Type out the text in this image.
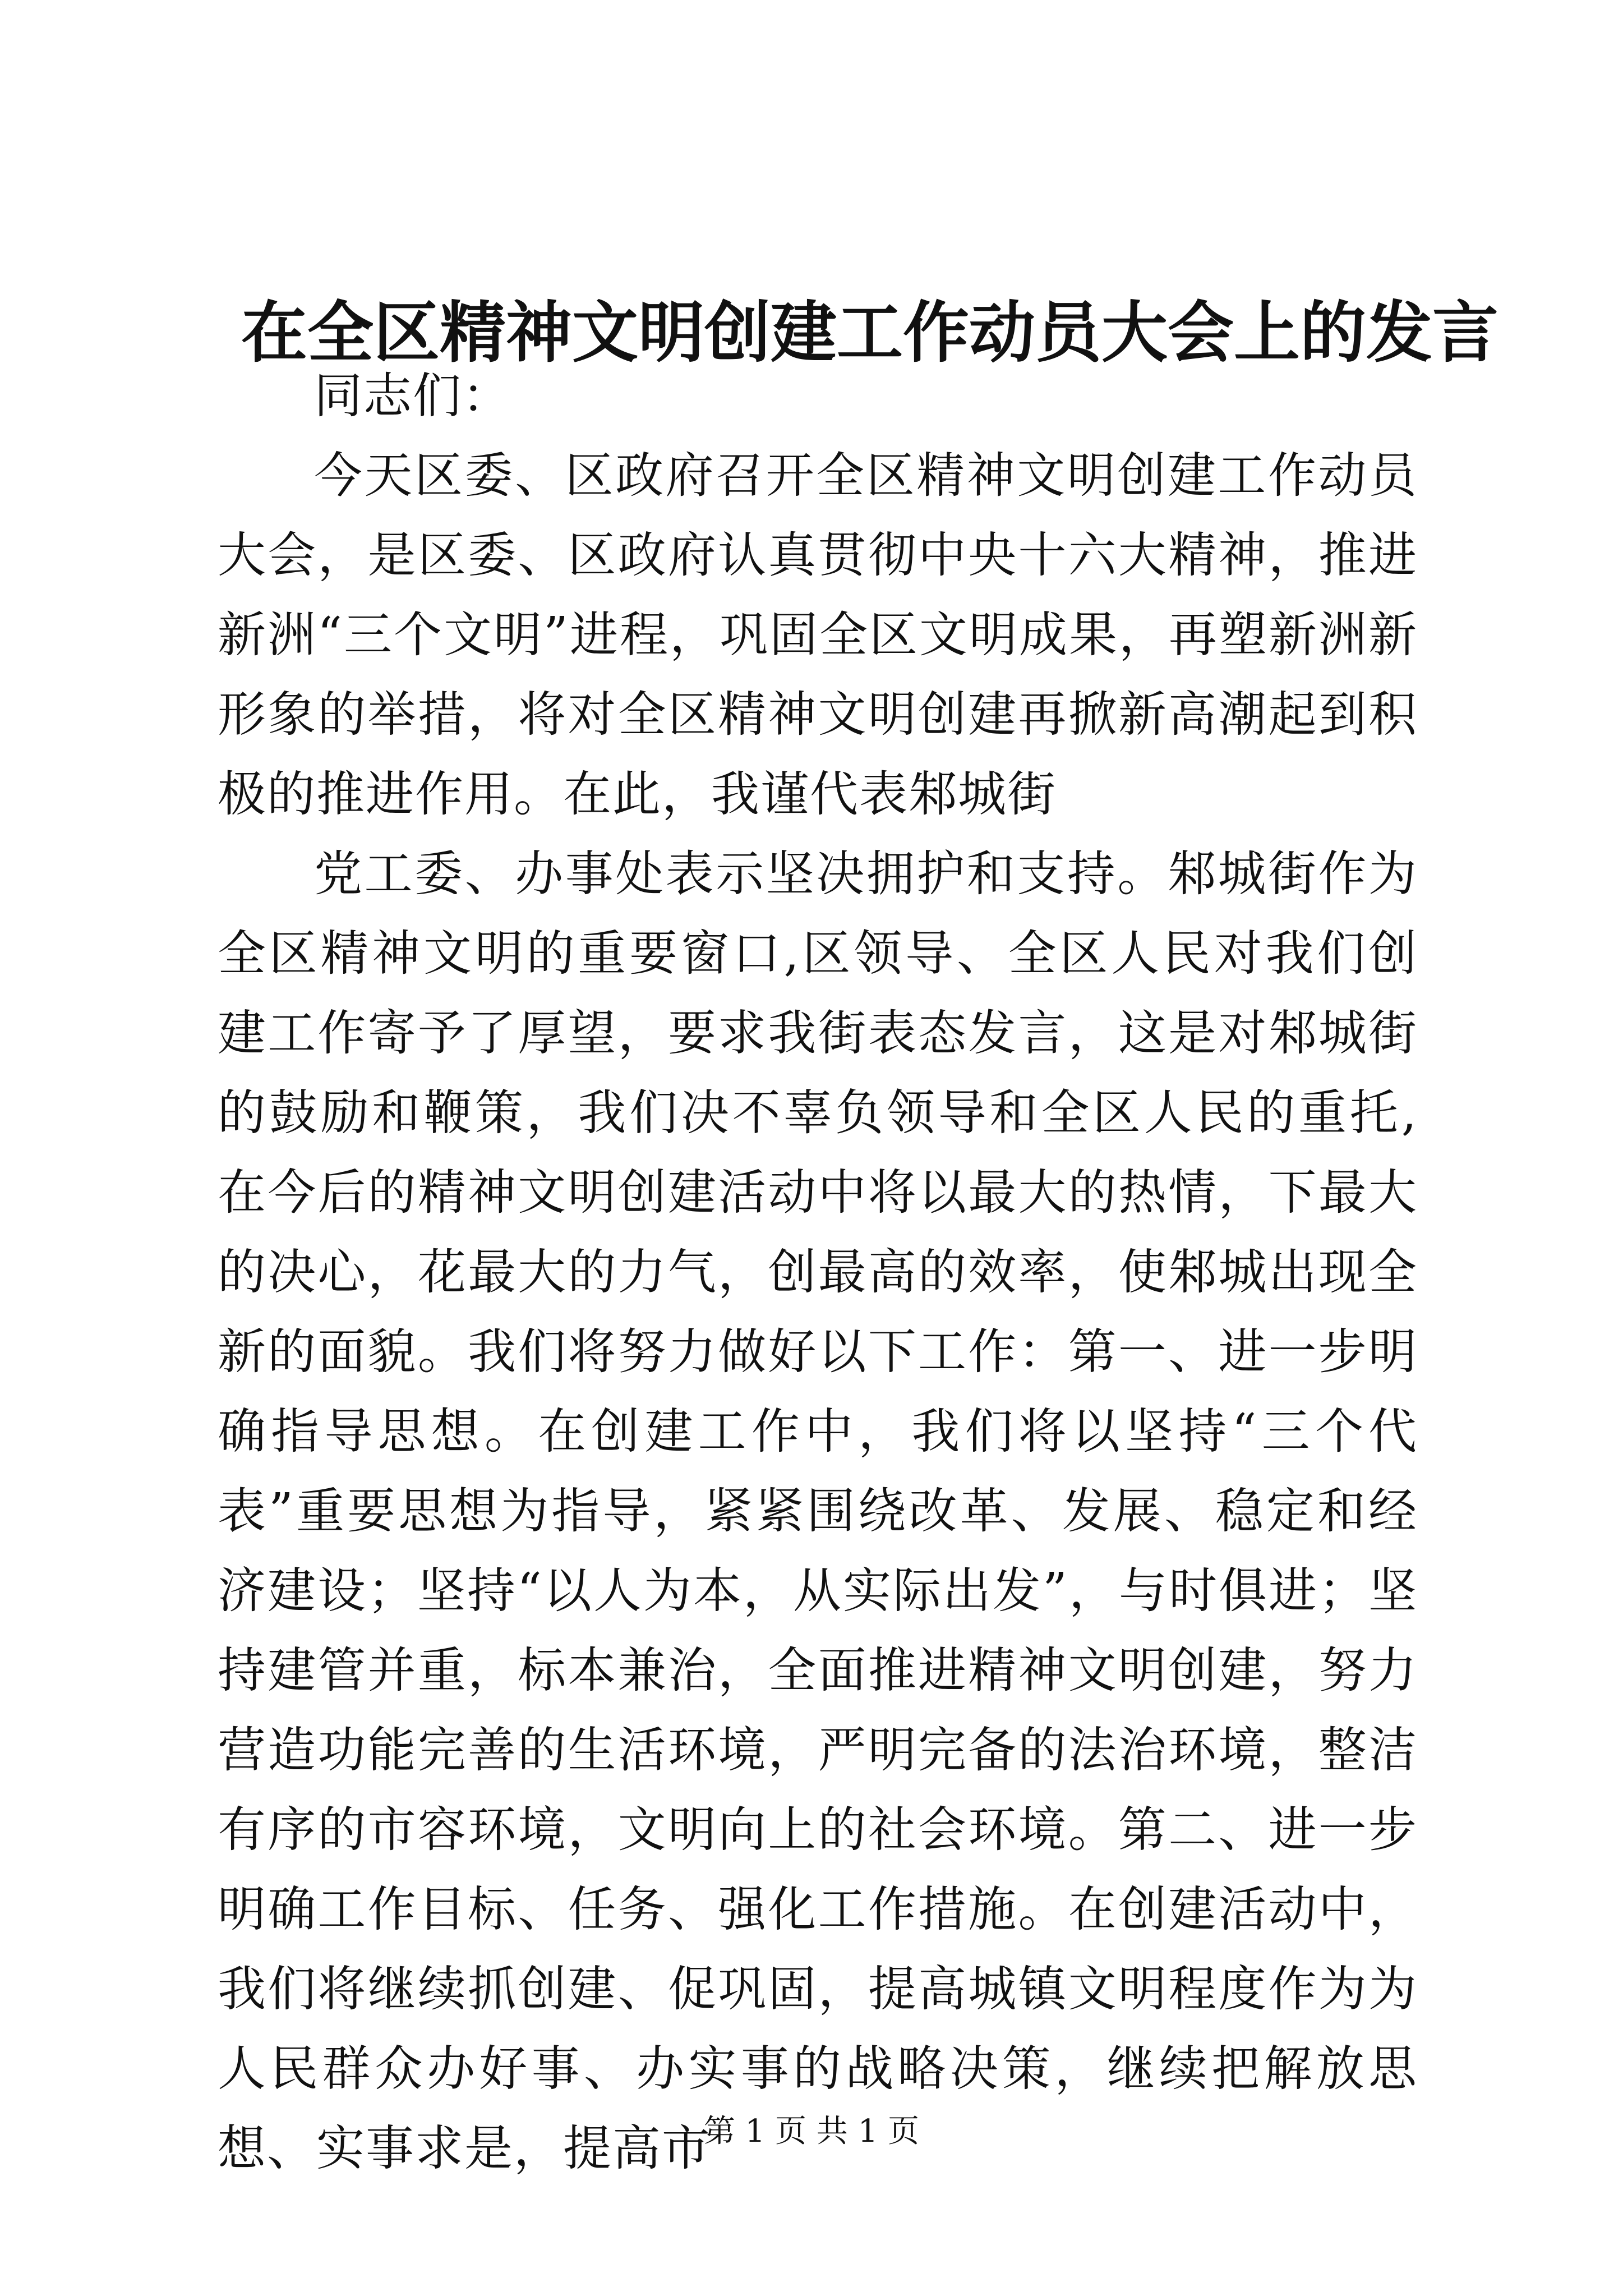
在全区精神文明创建工作动员大会上的发言

同志们：

今天区委、区政府召开全区精神文明创建工作动员大会，是区委、区政府认真贯彻中央十六大精神，推进新洲“三个文明”进程，巩固全区文明成果，再塑新洲新形象的举措，将对全区精神文明创建再掀新高潮起到积极的推进作用。在此，我谨代表邾城街

党工委、办事处表示坚决拥护和支持。邾城街作为全区精神文明的重要窗口,区领导、全区人民对我们创建工作寄予了厚望，要求我街表态发言，这是对邾城街的鼓励和鞭策，我们决不辜负领导和全区人民的重托,在今后的精神文明创建活动中将以最大的热情，下最大的决心，花最大的力气，创最高的效率，使邾城出现全新的面貌。我们将努力做好以下工作：第一、进一步明确指导思想。在创建工作中，我们将以坚持“三个代表”重要思想为指导，紧紧围绕改革、发展、稳定和经济建设；坚持“以人为本，从实际出发”，与时俱进；坚持建管并重，标本兼治，全面推进精神文明创建，努力营造功能完善的生活环境，严明完备的法治环境，整洁有序的市容环境，文明向上的社会环境。第二、进一步明确工作目标、任务、强化工作措施。在创建活动中，我们将继续抓创建、促巩固，提高城镇文明程度作为为人民群众办好事、办实事的战略决策，继续把解放思想、实事求是，提高市

第 1 页 共 1 页
